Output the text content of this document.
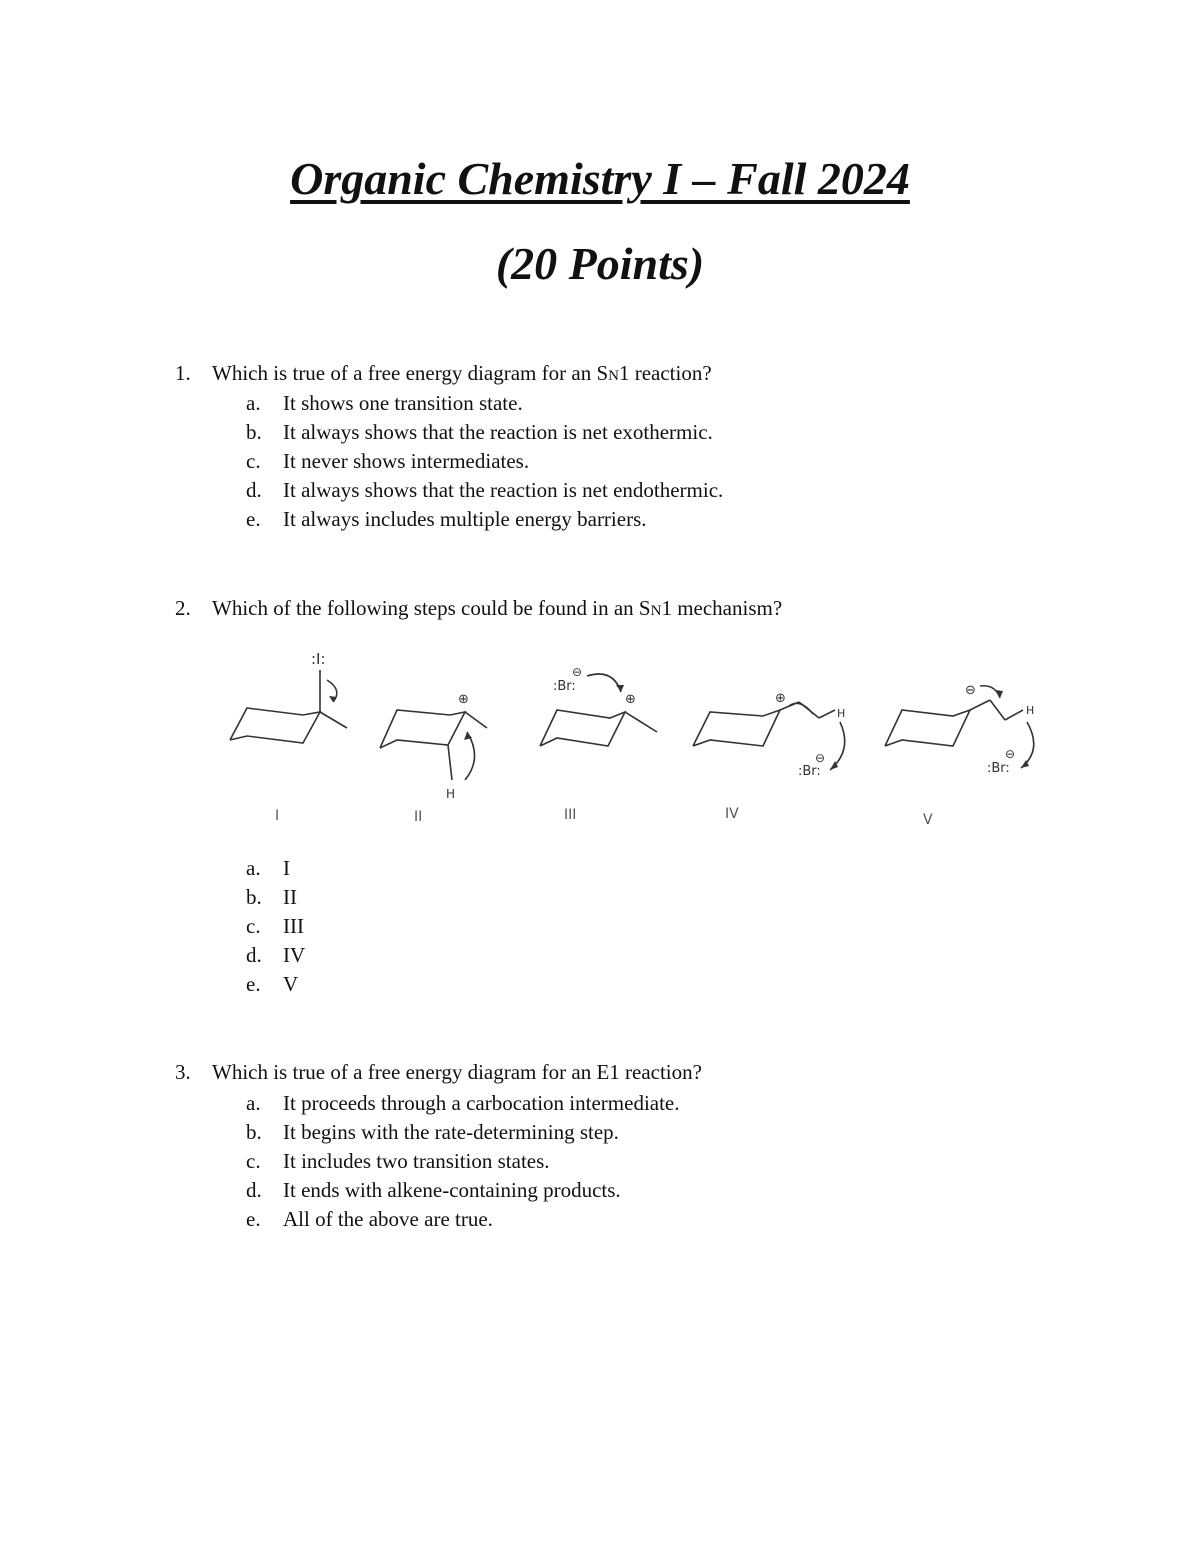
Organic Chemistry I – Fall 2024
(20 Points)
1. Which is true of a free energy diagram for an SN1 reaction?
a. It shows one transition state.
b. It always shows that the reaction is net exothermic.
c. It never shows intermediates.
d. It always shows that the reaction is net endothermic.
e. It always includes multiple energy barriers.
2. Which of the following steps could be found in an SN1 mechanism?
:I:
⊕
H
:Br:
⊖
⊕	⊕
H
:Br:
⊖
⊖
H
:Br:
⊖
I	II	III	IV	V
a. I
b. II
c. III
d. IV
e. V
3. Which is true of a free energy diagram for an E1 reaction?
a. It proceeds through a carbocation intermediate.
b. It begins with the rate-determining step.
c. It includes two transition states.
d. It ends with alkene-containing products.
e. All of the above are true.
